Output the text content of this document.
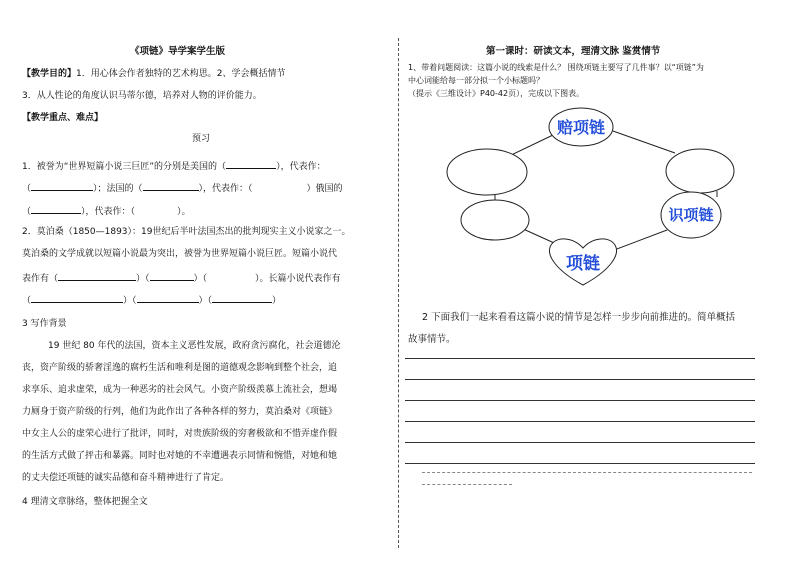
《项链》导学案学生版
【教学目的】1．用心体会作者独特的艺术构思。2、学会概括情节
3．从人性论的角度认识马蒂尔德，培养对人物的评价能力。
【教学重点、难点】
预习
1．被誉为“世界短篇小说三巨匠”的分别是美国的（	），代表作：
（	）；法国的（	），代表作：（	）俄国的
（	），代表作：（	）。
2．莫泊桑（1850—1893）：19世纪后半叶法国杰出的批判现实主义小说家之一。
莫泊桑的文学成就以短篇小说最为突出，被誉为世界短篇小说巨匠。短篇小说代
表作有（	）（	）（	）。长篇小说代表作有
（	）（	）（	）
3 写作背景
19 世纪 80 年代的法国，资本主义恶性发展，政府贪污腐化，社会道德沦
丧，资产阶级的骄奢淫逸的腐朽生活和唯利是图的道德观念影响到整个社会，追
求享乐、追求虚荣，成为一种恶劣的社会风气。小资产阶级羡慕上流社会，想竭
力厕身于资产阶级的行列，他们为此作出了各种各样的努力，莫泊桑对《项链》
中女主人公的虚荣心进行了批评，同时，对贵族阶级的穷奢极欲和不惜弄虚作假
的生活方式做了抨击和暴露。同时也对她的不幸遭遇表示同情和惋惜，对她和她
的丈夫偿还项链的诚实品德和奋斗精神进行了肯定。
4 理清文章脉络，整体把握全文
第一课时：研读文本，理清文脉 鉴赏情节
1、带着问题阅读：这篇小说的线索是什么？ 围绕项链主要写了几件事？以“项链”为
中心词能给每一部分拟一个小标题吗？
（提示《三维设计》P40-42页），完成以下图表。
赔项链
识项链
项链
2 下面我们一起来看看这篇小说的情节是怎样一步步向前推进的。简单概括
故事情节。
